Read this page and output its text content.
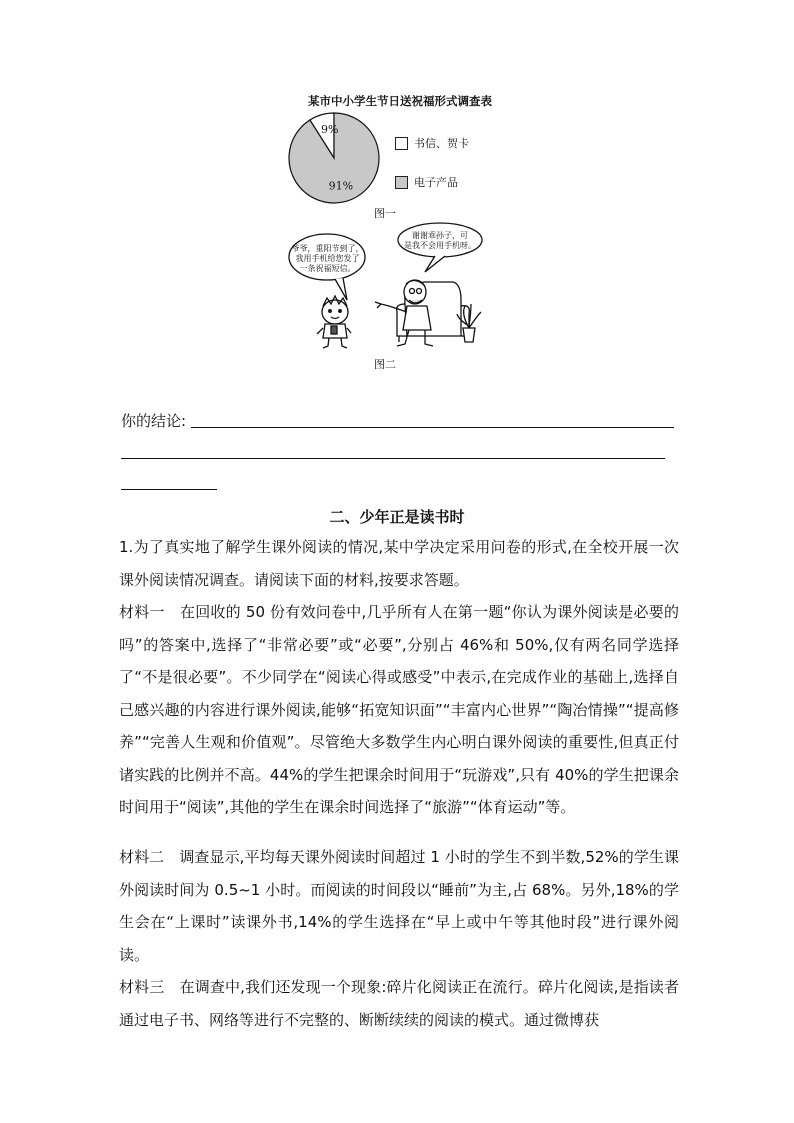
某市中小学生节日送祝福形式调查表
9%
91%
书信、贺卡
电子产品
图一
爷爷，重阳节到了，
我用手机给您发了
一条祝福短信。
谢谢乖孙子，可
是我不会用手机呀。
图二
你的结论:
二、少年正是读书时

1.为了真实地了解学生课外阅读的情况,某中学决定采用问卷的形式,在全校开展一次课外阅读情况调查。请阅读下面的材料,按要求答题。

材料一　在回收的 50 份有效问卷中,几乎所有人在第一题“你认为课外阅读是必要的吗”的答案中,选择了“非常必要”或“必要”,分别占 46%和 50%,仅有两名同学选择了“不是很必要”。不少同学在“阅读心得或感受”中表示,在完成作业的基础上,选择自己感兴趣的内容进行课外阅读,能够“拓宽知识面”“丰富内心世界”“陶冶情操”“提高修养”“完善人生观和价值观”。尽管绝大多数学生内心明白课外阅读的重要性,但真正付诸实践的比例并不高。44%的学生把课余时间用于“玩游戏”,只有 40%的学生把课余时间用于“阅读”,其他的学生在课余时间选择了“旅游”“体育运动”等。

材料二　调查显示,平均每天课外阅读时间超过 1 小时的学生不到半数,52%的学生课外阅读时间为 0.5~1 小时。而阅读的时间段以“睡前”为主,占 68%。另外,18%的学生会在“上课时”读课外书,14%的学生选择在“早上或中午等其他时段”进行课外阅读。

材料三　在调查中,我们还发现一个现象:碎片化阅读正在流行。碎片化阅读,是指读者通过电子书、网络等进行不完整的、断断续续的阅读的模式。通过微博获
